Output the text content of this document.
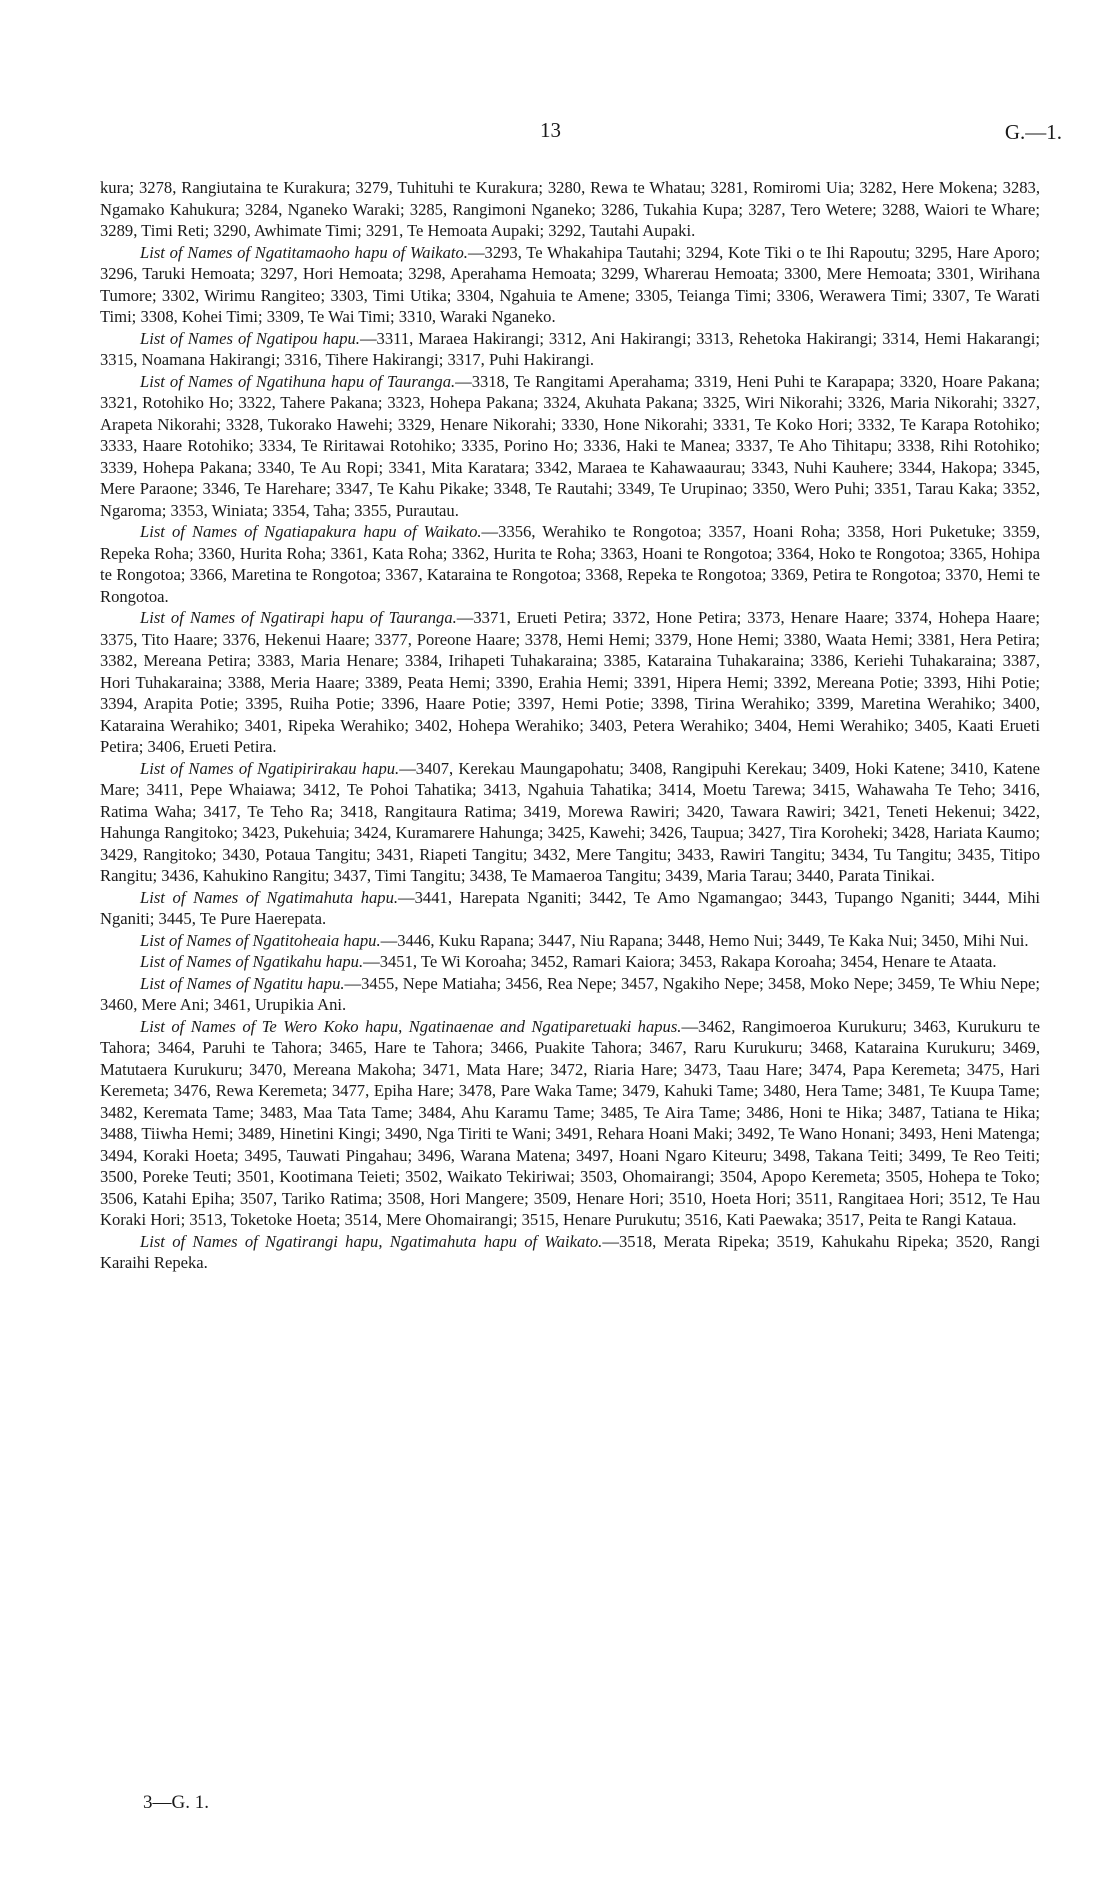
13	G.—1.

kura; 3278, Rangiutaina te Kurakura; 3279, Tuhituhi te Kurakura; 3280, Rewa te Whatau; 3281, Romiromi Uia; 3282, Here Mokena; 3283, Ngamako Kahukura; 3284, Nganeko Waraki; 3285, Rangimoni Nganeko; 3286, Tukahia Kupa; 3287, Tero Wetere; 3288, Waiori te Whare; 3289, Timi Reti; 3290, Awhimate Timi; 3291, Te Hemoata Aupaki; 3292, Tautahi Aupaki.

List of Names of Ngatitamaoho hapu of Waikato.—3293, Te Whakahipa Tautahi; 3294, Kote Tiki o te Ihi Rapoutu; 3295, Hare Aporo; 3296, Taruki Hemoata; 3297, Hori Hemoata; 3298, Aperahama Hemoata; 3299, Wharerau Hemoata; 3300, Mere Hemoata; 3301, Wirihana Tumore; 3302, Wirimu Rangiteo; 3303, Timi Utika; 3304, Ngahuia te Amene; 3305, Teianga Timi; 3306, Werawera Timi; 3307, Te Warati Timi; 3308, Kohei Timi; 3309, Te Wai Timi; 3310, Waraki Nganeko.

List of Names of Ngatipou hapu.—3311, Maraea Hakirangi; 3312, Ani Hakirangi; 3313, Rehetoka Hakirangi; 3314, Hemi Hakarangi; 3315, Noamana Hakirangi; 3316, Tihere Hakirangi; 3317, Puhi Hakirangi.

List of Names of Ngatihuna hapu of Tauranga.—3318, Te Rangitami Aperahama; 3319, Heni Puhi te Karapapa; 3320, Hoare Pakana; 3321, Rotohiko Ho; 3322, Tahere Pakana; 3323, Hohepa Pakana; 3324, Akuhata Pakana; 3325, Wiri Nikorahi; 3326, Maria Nikorahi; 3327, Arapeta Nikorahi; 3328, Tukorako Hawehi; 3329, Henare Nikorahi; 3330, Hone Nikorahi; 3331, Te Koko Hori; 3332, Te Karapa Rotohiko; 3333, Haare Rotohiko; 3334, Te Riritawai Rotohiko; 3335, Porino Ho; 3336, Haki te Manea; 3337, Te Aho Tihitapu; 3338, Rihi Rotohiko; 3339, Hohepa Pakana; 3340, Te Au Ropi; 3341, Mita Karatara; 3342, Maraea te Kahawaaurau; 3343, Nuhi Kauhere; 3344, Hakopa; 3345, Mere Paraone; 3346, Te Harehare; 3347, Te Kahu Pikake; 3348, Te Rautahi; 3349, Te Urupinao; 3350, Wero Puhi; 3351, Tarau Kaka; 3352, Ngaroma; 3353, Winiata; 3354, Taha; 3355, Purautau.

List of Names of Ngatiapakura hapu of Waikato.—3356, Werahiko te Rongotoa; 3357, Hoani Roha; 3358, Hori Puketuke; 3359, Repeka Roha; 3360, Hurita Roha; 3361, Kata Roha; 3362, Hurita te Roha; 3363, Hoani te Rongotoa; 3364, Hoko te Rongotoa; 3365, Hohipa te Rongotoa; 3366, Maretina te Rongotoa; 3367, Kataraina te Rongotoa; 3368, Repeka te Rongotoa; 3369, Petira te Rongotoa; 3370, Hemi te Rongotoa.

List of Names of Ngatirapi hapu of Tauranga.—3371, Erueti Petira; 3372, Hone Petira; 3373, Henare Haare; 3374, Hohepa Haare; 3375, Tito Haare; 3376, Hekenui Haare; 3377, Poreone Haare; 3378, Hemi Hemi; 3379, Hone Hemi; 3380, Waata Hemi; 3381, Hera Petira; 3382, Mereana Petira; 3383, Maria Henare; 3384, Irihapeti Tuhakaraina; 3385, Kataraina Tuhakaraina; 3386, Keriehi Tuhakaraina; 3387, Hori Tuhakaraina; 3388, Meria Haare; 3389, Peata Hemi; 3390, Erahia Hemi; 3391, Hipera Hemi; 3392, Mereana Potie; 3393, Hihi Potie; 3394, Arapita Potie; 3395, Ruiha Potie; 3396, Haare Potie; 3397, Hemi Potie; 3398, Tirina Werahiko; 3399, Maretina Werahiko; 3400, Kataraina Werahiko; 3401, Ripeka Werahiko; 3402, Hohepa Werahiko; 3403, Petera Werahiko; 3404, Hemi Werahiko; 3405, Kaati Erueti Petira; 3406, Erueti Petira.

List of Names of Ngatipirirakau hapu.—3407, Kerekau Maungapohatu; 3408, Rangipuhi Kerekau; 3409, Hoki Katene; 3410, Katene Mare; 3411, Pepe Whaiawa; 3412, Te Pohoi Tahatika; 3413, Ngahuia Tahatika; 3414, Moetu Tarewa; 3415, Wahawaha Te Teho; 3416, Ratima Waha; 3417, Te Teho Ra; 3418, Rangitaura Ratima; 3419, Morewa Rawiri; 3420, Tawara Rawiri; 3421, Teneti Hekenui; 3422, Hahunga Rangitoko; 3423, Pukehuia; 3424, Kuramarere Hahunga; 3425, Kawehi; 3426, Taupua; 3427, Tira Koroheki; 3428, Hariata Kaumo; 3429, Rangitoko; 3430, Potaua Tangitu; 3431, Riapeti Tangitu; 3432, Mere Tangitu; 3433, Rawiri Tangitu; 3434, Tu Tangitu; 3435, Titipo Rangitu; 3436, Kahukino Rangitu; 3437, Timi Tangitu; 3438, Te Mamaeroa Tangitu; 3439, Maria Tarau; 3440, Parata Tinikai.

List of Names of Ngatimahuta hapu.—3441, Harepata Nganiti; 3442, Te Amo Ngamangao; 3443, Tupango Nganiti; 3444, Mihi Nganiti; 3445, Te Pure Haerepata.

List of Names of Ngatitoheaia hapu.—3446, Kuku Rapana; 3447, Niu Rapana; 3448, Hemo Nui; 3449, Te Kaka Nui; 3450, Mihi Nui.

List of Names of Ngatikahu hapu.—3451, Te Wi Koroaha; 3452, Ramari Kaiora; 3453, Rakapa Koroaha; 3454, Henare te Ataata.

List of Names of Ngatitu hapu.—3455, Nepe Matiaha; 3456, Rea Nepe; 3457, Ngakiho Nepe; 3458, Moko Nepe; 3459, Te Whiu Nepe; 3460, Mere Ani; 3461, Urupikia Ani.

List of Names of Te Wero Koko hapu, Ngatinaenae and Ngatiparetuaki hapus.—3462, Rangimoeroa Kurukuru; 3463, Kurukuru te Tahora; 3464, Paruhi te Tahora; 3465, Hare te Tahora; 3466, Puakite Tahora; 3467, Raru Kurukuru; 3468, Kataraina Kurukuru; 3469, Matutaera Kurukuru; 3470, Mereana Makoha; 3471, Mata Hare; 3472, Riaria Hare; 3473, Taau Hare; 3474, Papa Keremeta; 3475, Hari Keremeta; 3476, Rewa Keremeta; 3477, Epiha Hare; 3478, Pare Waka Tame; 3479, Kahuki Tame; 3480, Hera Tame; 3481, Te Kuupa Tame; 3482, Keremata Tame; 3483, Maa Tata Tame; 3484, Ahu Karamu Tame; 3485, Te Aira Tame; 3486, Honi te Hika; 3487, Tatiana te Hika; 3488, Tiiwha Hemi; 3489, Hinetini Kingi; 3490, Nga Tiriti te Wani; 3491, Rehara Hoani Maki; 3492, Te Wano Honani; 3493, Heni Matenga; 3494, Koraki Hoeta; 3495, Tauwati Pingahau; 3496, Warana Matena; 3497, Hoani Ngaro Kiteuru; 3498, Takana Teiti; 3499, Te Reo Teiti; 3500, Poreke Teuti; 3501, Kootimana Teieti; 3502, Waikato Tekiriwai; 3503, Ohomairangi; 3504, Apopo Keremeta; 3505, Hohepa te Toko; 3506, Katahi Epiha; 3507, Tariko Ratima; 3508, Hori Mangere; 3509, Henare Hori; 3510, Hoeta Hori; 3511, Rangitaea Hori; 3512, Te Hau Koraki Hori; 3513, Toketoke Hoeta; 3514, Mere Ohomairangi; 3515, Henare Purukutu; 3516, Kati Paewaka; 3517, Peita te Rangi Kataua.

List of Names of Ngatirangi hapu, Ngatimahuta hapu of Waikato.—3518, Merata Ripeka; 3519, Kahukahu Ripeka; 3520, Rangi Karaihi Repeka.

3—G. 1.
